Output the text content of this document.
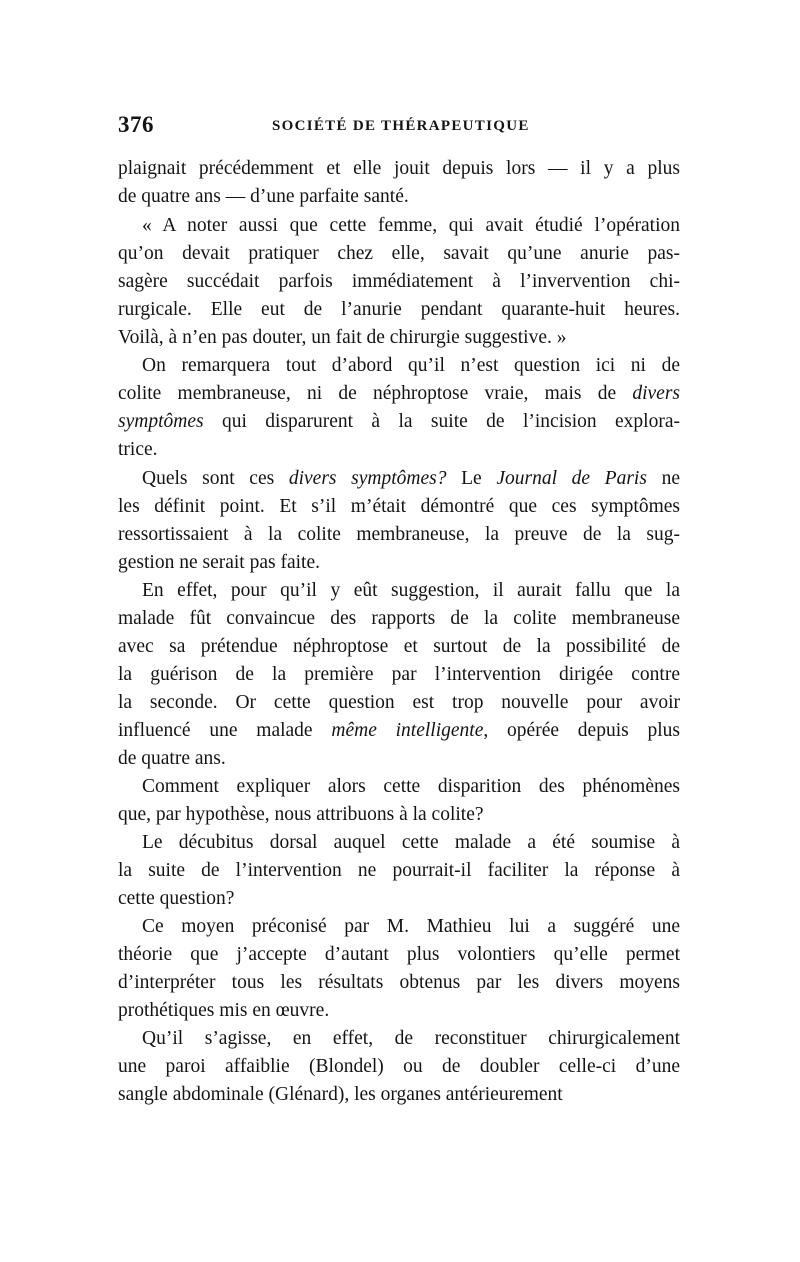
376	SOCIÉTÉ DE THÉRAPEUTIQUE
plaignait précédemment et elle jouit depuis lors — il y a plus
de quatre ans — d’une parfaite santé.
« A noter aussi que cette femme, qui avait étudié l’opération
qu’on devait pratiquer chez elle, savait qu’une anurie pas-
sagère succédait parfois immédiatement à l’invervention chi-
rurgicale. Elle eut de l’anurie pendant quarante-huit heures.
Voilà, à n’en pas douter, un fait de chirurgie suggestive. »
On remarquera tout d’abord qu’il n’est question ici ni de
colite membraneuse, ni de néphroptose vraie, mais de divers
symptômes qui disparurent à la suite de l’incision explora-
trice.
Quels sont ces divers symptômes? Le Journal de Paris ne
les définit point. Et s’il m’était démontré que ces symptômes
ressortissaient à la colite membraneuse, la preuve de la sug-
gestion ne serait pas faite.
En effet, pour qu’il y eût suggestion, il aurait fallu que la
malade fût convaincue des rapports de la colite membraneuse
avec sa prétendue néphroptose et surtout de la possibilité de
la guérison de la première par l’intervention dirigée contre
la seconde. Or cette question est trop nouvelle pour avoir
influencé une malade même intelligente, opérée depuis plus
de quatre ans.
Comment expliquer alors cette disparition des phénomènes
que, par hypothèse, nous attribuons à la colite?
Le décubitus dorsal auquel cette malade a été soumise à
la suite de l’intervention ne pourrait-il faciliter la réponse à
cette question?
Ce moyen préconisé par M. Mathieu lui a suggéré une
théorie que j’accepte d’autant plus volontiers qu’elle permet
d’interpréter tous les résultats obtenus par les divers moyens
prothétiques mis en œuvre.
Qu’il s’agisse, en effet, de reconstituer chirurgicalement
une paroi affaiblie (Blondel) ou de doubler celle-ci d’une
sangle abdominale (Glénard), les organes antérieurement
